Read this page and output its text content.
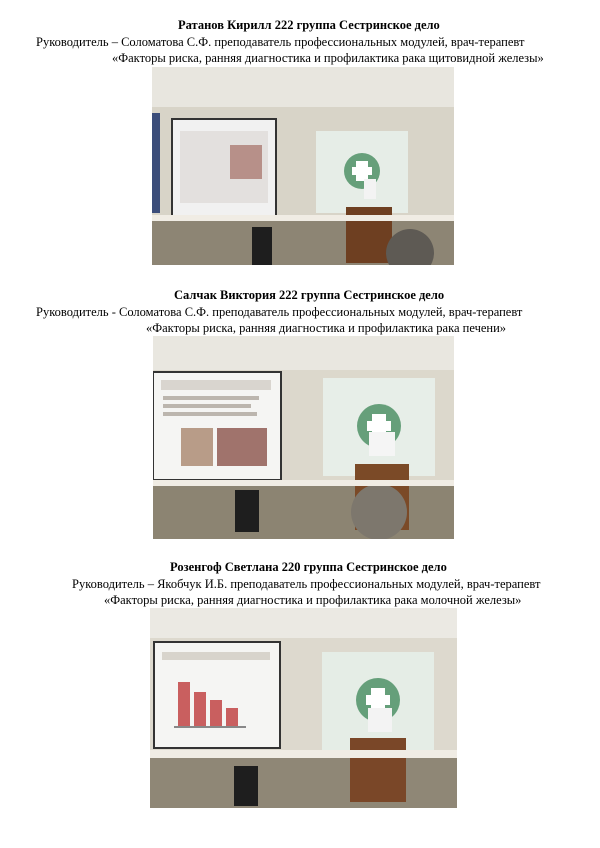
Ратанов Кирилл 222 группа Сестринское дело
Руководитель – Соломатова С.Ф. преподаватель профессиональных модулей, врач-терапевт
«Факторы риска, ранняя диагностика и профилактика рака щитовидной железы»
Салчак Виктория 222 группа Сестринское дело
Руководитель - Соломатова С.Ф. преподаватель профессиональных модулей, врач-терапевт
«Факторы риска, ранняя диагностика и профилактика рака печени»
Розенгоф Светлана 220 группа Сестринское дело
Руководитель – Якобчук И.Б. преподаватель профессиональных модулей, врач-терапевт
«Факторы риска, ранняя диагностика и профилактика рака молочной железы»
